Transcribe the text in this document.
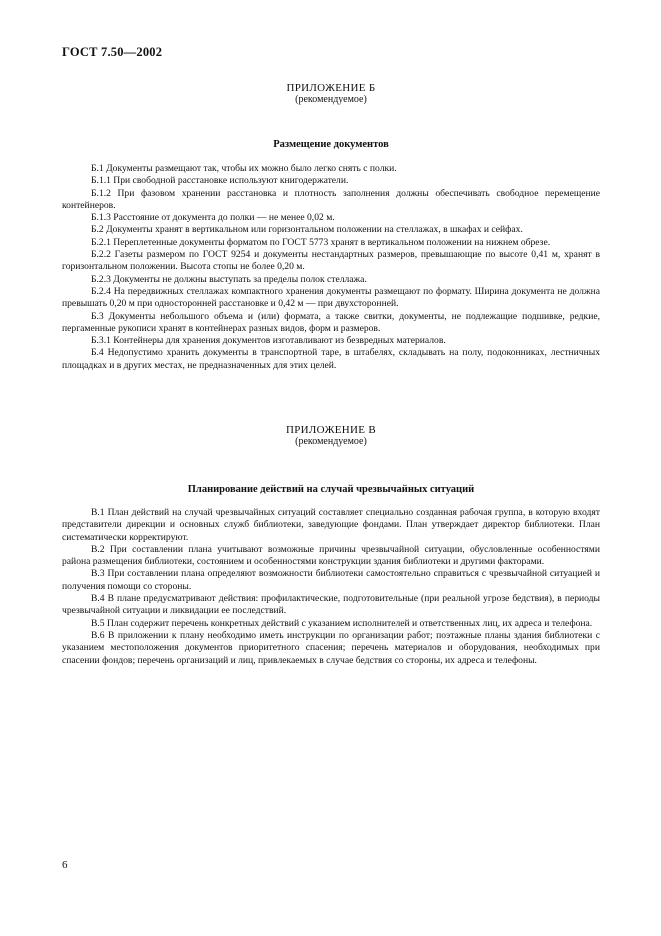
ГОСТ 7.50—2002
ПРИЛОЖЕНИЕ Б
(рекомендуемое)
Размещение документов

Б.1 Документы размещают так, чтобы их можно было легко снять с полки.

Б.1.1 При свободной расстановке используют книгодержатели.

Б.1.2 При фазовом хранении расстановка и плотность заполнения должны обеспечивать свободное перемещение контейнеров.

Б.1.3 Расстояние от документа до полки — не менее 0,02 м.

Б.2 Документы хранят в вертикальном или горизонтальном положении на стеллажах, в шкафах и сейфах.

Б.2.1 Переплетенные документы форматом по ГОСТ 5773 хранят в вертикальном положении на нижнем обрезе.

Б.2.2 Газеты размером по ГОСТ 9254 и документы нестандартных размеров, превышающие по высоте 0,41 м, хранят в горизонтальном положении. Высота стопы не более 0,20 м.

Б.2.3 Документы не должны выступать за пределы полок стеллажа.

Б.2.4 На передвижных стеллажах компактного хранения документы размещают по формату. Ширина документа не должна превышать 0,20 м при односторонней расстановке и 0,42 м — при двухсторонней.

Б.3 Документы небольшого объема и (или) формата, а также свитки, документы, не подлежащие подшивке, редкие, пергаменные рукописи хранят в контейнерах разных видов, форм и размеров.

Б.3.1 Контейнеры для хранения документов изготавливают из безвредных материалов.

Б.4 Недопустимо хранить документы в транспортной таре, в штабелях, складывать на полу, подоконниках, лестничных площадках и в других местах, не предназначенных для этих целей.

ПРИЛОЖЕНИЕ В
(рекомендуемое)
Планирование действий на случай чрезвычайных ситуаций

В.1 План действий на случай чрезвычайных ситуаций составляет специально созданная рабочая группа, в которую входят представители дирекции и основных служб библиотеки, заведующие фондами. План утверждает директор библиотеки. План систематически корректируют.

В.2 При составлении плана учитывают возможные причины чрезвычайной ситуации, обусловленные особенностями района размещения библиотеки, состоянием и особенностями конструкции здания библиотеки и другими факторами.

В.3 При составлении плана определяют возможности библиотеки самостоятельно справиться с чрезвычайной ситуацией и получения помощи со стороны.

В.4 В плане предусматривают действия: профилактические, подготовительные (при реальной угрозе бедствия), в периоды чрезвычайной ситуации и ликвидации ее последствий.

В.5 План содержит перечень конкретных действий с указанием исполнителей и ответственных лиц, их адреса и телефона.

В.6 В приложении к плану необходимо иметь инструкции по организации работ; поэтажные планы здания библиотеки с указанием местоположения документов приоритетного спасения; перечень материалов и оборудования, необходимых при спасении фондов; перечень организаций и лиц, привлекаемых в случае бедствия со стороны, их адреса и телефоны.

6
